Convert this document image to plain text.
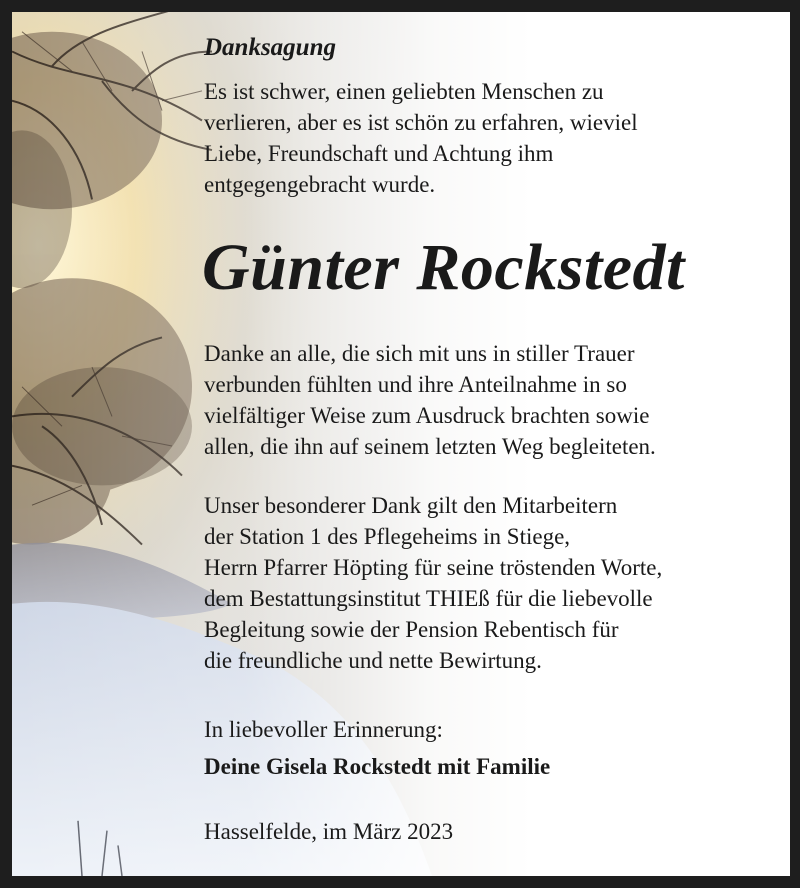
Danksagung

Es ist schwer, einen geliebten Menschen zu
verlieren, aber es ist schön zu erfahren, wieviel
Liebe, Freundschaft und Achtung ihm
entgegengebracht wurde.

Günter Rockstedt

Danke an alle, die sich mit uns in stiller Trauer
verbunden fühlten und ihre Anteilnahme in so
vielfältiger Weise zum Ausdruck brachten sowie
allen, die ihn auf seinem letzten Weg begleiteten.

Unser besonderer Dank gilt den Mitarbeitern
der Station 1 des Pflegeheims in Stiege,
Herrn Pfarrer Höpting für seine tröstenden Worte,
dem Bestattungsinstitut THIEß für die liebevolle
Begleitung sowie der Pension Rebentisch für
die freundliche und nette Bewirtung.

In liebevoller Erinnerung:

Deine Gisela Rockstedt mit Familie

Hasselfelde, im März 2023
